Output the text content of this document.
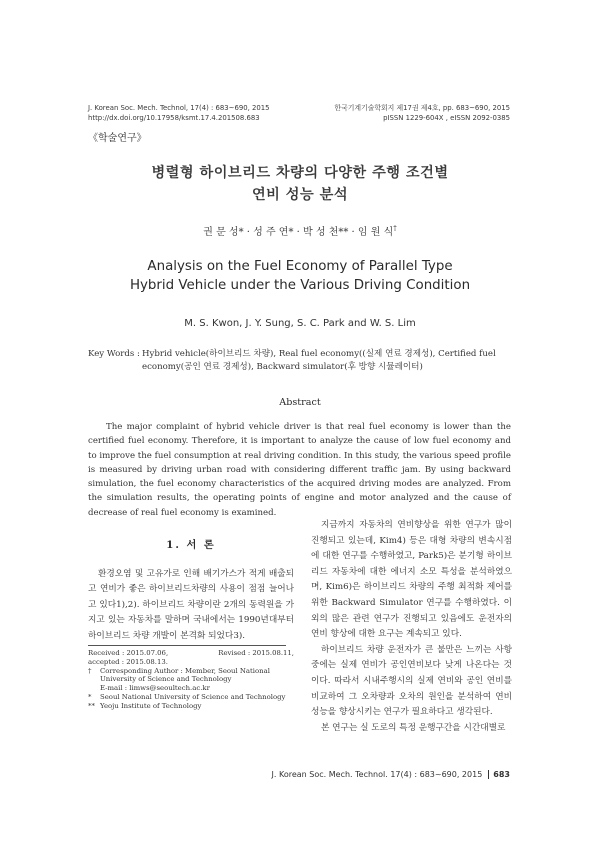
J. Korean Soc. Mech. Technol, 17(4) : 683~690, 2015
http://dx.doi.org/10.17958/ksmt.17.4.201508.683
한국기계기술학회지 제17권 제4호, pp. 683~690, 2015
pISSN 1229-604X , eISSN 2092-0385
《학술연구》
병렬형 하이브리드 차량의 다양한 주행 조건별
연비 성능 분석
권 문 성* · 성 주 연* · 박 성 천** · 임 원 식†
Analysis on the Fuel Economy of Parallel Type
Hybrid Vehicle under the Various Driving Condition
M. S. Kwon, J. Y. Sung, S. C. Park and W. S. Lim
Key Words : Hybrid vehicle(하이브리드 차량), Real fuel economy((실제 연료 경제성), Certified fuel economy(공인 연료 경제성), Backward simulator(후 방향 시뮬레이터)
Abstract
The major complaint of hybrid vehicle driver is that real fuel economy is lower than the certified fuel economy. Therefore, it is important to analyze the cause of low fuel economy and to improve the fuel consumption at real driving condition. In this study, the various speed profile is measured by driving urban road with considering different traffic jam. By using backward simulation, the fuel economy characteristics of the acquired driving modes are analyzed. From the simulation results, the operating points of engine and motor analyzed and the cause of decrease of real fuel economy is examined.
1. 서 론

환경오염 및 고유가로 인해 배기가스가 적게 배출되고 연비가 좋은 하이브리드차량의 사용이 점점 늘어나고 있다1),2). 하이브리드 차량이란 2개의 동력원을 가지고 있는 자동차를 말하며 국내에서는 1990년대부터 하이브리드 차량 개발이 본격화 되었다3).

Received : 2015.07.06,	Revised : 2015.08.11,
accepted : 2015.08.13.
†	Corresponding Author : Member, Seoul National
University of Science and Technology
E-mail : limws@seoultech.ac.kr
*	Seoul National University of Science and Technology
** Yeoju Institute of Technology

지금까지 자동차의 연비향상을 위한 연구가 많이 진행되고 있는데, Kim4) 등은 대형 차량의 변속시점에 대한 연구를 수행하였고, Park5)은 분기형 하이브리드 자동차에 대한 에너지 소모 특성을 분석하였으며, Kim6)은 하이브리드 차량의 주행 최적화 제어를 위한 Backward Simulator 연구를 수행하였다. 이외의 많은 관련 연구가 진행되고 있음에도 운전자의 연비 향상에 대한 요구는 계속되고 있다.

하이브리드 차량 운전자가 큰 불만은 느끼는 사항 중에는 실제 연비가 공인연비보다 낮게 나온다는 것이다. 따라서 시내주행시의 실제 연비와 공인 연비를 비교하여 그 오차량과 오차의 원인을 분석하여 연비 성능을 향상시키는 연구가 필요하다고 생각된다.

본 연구는 실 도로의 특정 운행구간을 시간대별로

J. Korean Soc. Mech. Technol. 17(4) : 683~690, 2015 683
